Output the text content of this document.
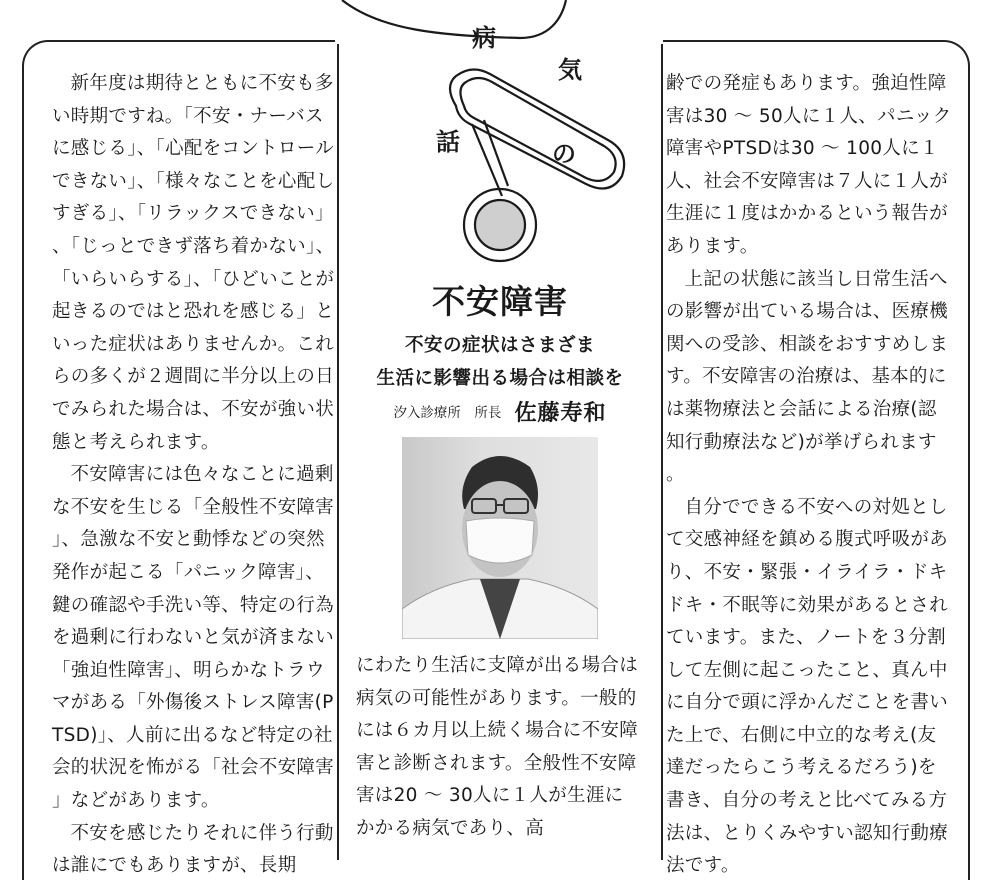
病
気
の
話

新年度は期待とともに不安も多い時期ですね。「不安・ナーバスに感じる」、「心配をコントロールできない」、「様々なことを心配しすぎる」、「リラックスできない」、「じっとできず落ち着かない」、「いらいらする」、「ひどいことが起きるのではと恐れを感じる」といった症状はありませんか。これらの多くが２週間に半分以上の日でみられた場合は、不安が強い状態と考えられます。

不安障害には色々なことに過剰な不安を生じる「全般性不安障害」、急激な不安と動悸などの突然発作が起こる「パニック障害」、鍵の確認や手洗い等、特定の行為を過剰に行わないと気が済まない「強迫性障害」、明らかなトラウマがある「外傷後ストレス障害(PTSD)」、人前に出るなど特定の社会的状況を怖がる「社会不安障害」などがあります。

不安を感じたりそれに伴う行動は誰にでもありますが、長期

不安障害
不安の症状はさまざま
生活に影響出る場合は相談を
汐入診療所　所長 佐藤寿和

にわたり生活に支障が出る場合は病気の可能性があります。一般的には６カ月以上続く場合に不安障害と診断されます。全般性不安障害は20 〜 30人に１人が生涯にかかる病気であり、高

齢での発症もあります。強迫性障害は30 〜 50人に１人、パニック障害やPTSDは30 〜 100人に１人、社会不安障害は７人に１人が生涯に１度はかかるという報告があります。

上記の状態に該当し日常生活への影響が出ている場合は、医療機関への受診、相談をおすすめします。不安障害の治療は、基本的には薬物療法と会話による治療(認知行動療法など)が挙げられます。

自分でできる不安への対処として交感神経を鎮める腹式呼吸があり、不安・緊張・イライラ・ドキドキ・不眠等に効果があるとされています。また、ノートを３分割して左側に起こったこと、真ん中に自分で頭に浮かんだことを書いた上で、右側に中立的な考え(友達だったらこう考えるだろう)を書き、自分の考えと比べてみる方法は、とりくみやすい認知行動療法です。
